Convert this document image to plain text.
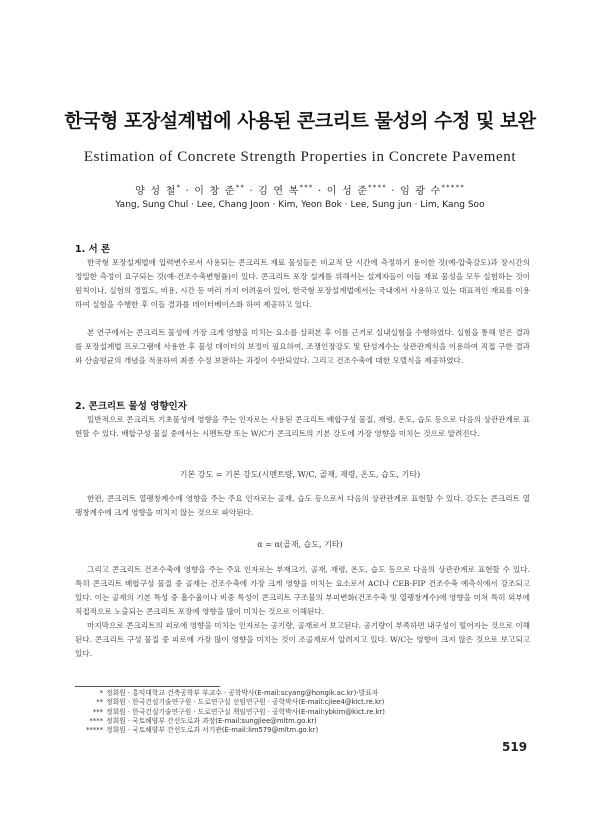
한국형 포장설계법에 사용된 콘크리트 물성의 수정 및 보완
Estimation of Concrete Strength Properties in Concrete Pavement
양 성 철* · 이 창 준** · 김 연 복*** · 이 성 준**** · 임 광 수*****
Yang, Sung Chul · Lee, Chang Joon · Kim, Yeon Bok · Lee, Sung jun · Lim, Kang Soo
1. 서 론

한국형 포장설계법에 입력변수로서 사용되는 콘크리트 재료 물성들은 비교적 단 시간에 측정하기 용이한 것(예-압축강도)과 장시간의 정밀한 측정이 요구되는 것(예-건조수축변형률)이 있다. 콘크리트 포장 설계를 위해서는 설계자들이 이들 재료 물성을 모두 실험하는 것이 원칙이나, 실험의 정밀도, 비용, 시간 등 여러 가지 어려움이 있어, 한국형 포장설계법에서는 국내에서 사용하고 있는 대표적인 재료를 이용하여 실험을 수행한 후 이들 결과를 데이터베이스화 하여 제공하고 있다.

본 연구에서는 콘크리트 물성에 가장 크게 영향을 미치는 요소를 살펴본 후 이를 근거로 실내실험을 수행하였다. 실험을 통해 얻은 결과를 포장설계법 프로그램에 사용한 후 물성 데이터의 보정이 필요하여, 조쟁인장강도 및 탄성계수는 상관관계식을 이용하여 직접 구한 결과와 산술평균의 개념을 적용하여 최종 수정 보완하는 과정이 수반되었다. 그리고 건조수축에 대한 모델식을 제공하였다.

2. 콘크리트 물성 영향인자

일반적으로 콘크리트 기초물성에 영향을 주는 인자로는 사용된 콘크리트 배합구성 물질, 재령, 온도, 습도 등으로 다음의 상관관계로 표현할 수 있다. 배합구성 물질 중에서는 시멘트량 또는 W/C가 콘크리트의 기본 강도에 가장 영향을 미치는 것으로 알려진다.

기본 강도 = 기본 강도(시멘트량, W/C, 골재, 재령, 온도, 습도, 기타)

한편, 콘크리트 열팽창계수에 영향을 주는 주요 인자로는 골재, 습도 등으로서 다음의 상관관계로 표현할 수 있다. 강도는 콘크리트 열팽창계수에 크게 영향을 미치지 않는 것으로 파악된다.

α = α(골재, 습도, 기타)

그리고 콘크리트 건조수축에 영향을 주는 주요 인자로는 부재크기, 골재, 재령, 온도, 습도 등으로 다음의 상관관계로 표현할 수 있다. 특히 콘크리트 배합구성 물질 중 골재는 건조수축에 가장 크게 영향을 미치는 요소로서 ACI나 CEB-FIP 건조수축 예측식에서 강조되고 있다. 이는 골재의 기본 특성 중 흡수율이나 비중 특성이 콘크리트 구조물의 부피변화(건조수축 및 열팽창계수)에 영향을 미쳐 특히 외부에 직접적으로 노출되는 콘크리트 포장에 영향을 많이 미치는 것으로 이해된다.

마지막으로 콘크리트의 피로에 영향을 미치는 인자로는 공기량, 골재로서 보고된다. 공기량이 부족하면 내구성이 떨어지는 것으로 이해된다. 콘크리트 구성 물질 중 피로에 가장 많이 영향을 미치는 것이 조골재로서 알려지고 있다. W/C는 영향이 크지 않은 것으로 보고되고 있다.

* 정회원 · 홍익대학교 건축공학부 부교수 · 공학박사(E-mail:scyang@hongik.ac.kr)-발표자
** 정회원 · 한국건설기술연구원 · 도로연구실 선임연구원 · 공학박사(E-mail:cjlee4@kict.re.kr)
*** 정회원 · 한국건설기술연구원 · 도로연구실 책임연구원 · 공학박사(E-mail:ybkim@kict.re.kr)
**** 정회원 · 국토해양부 간선도로과 과장(E-mail:sungjlee@mltm.go.kr)
***** 정회원 · 국토해양부 간선도로과 서기관(E-mail:lim579@mltm.go.kr)
519
